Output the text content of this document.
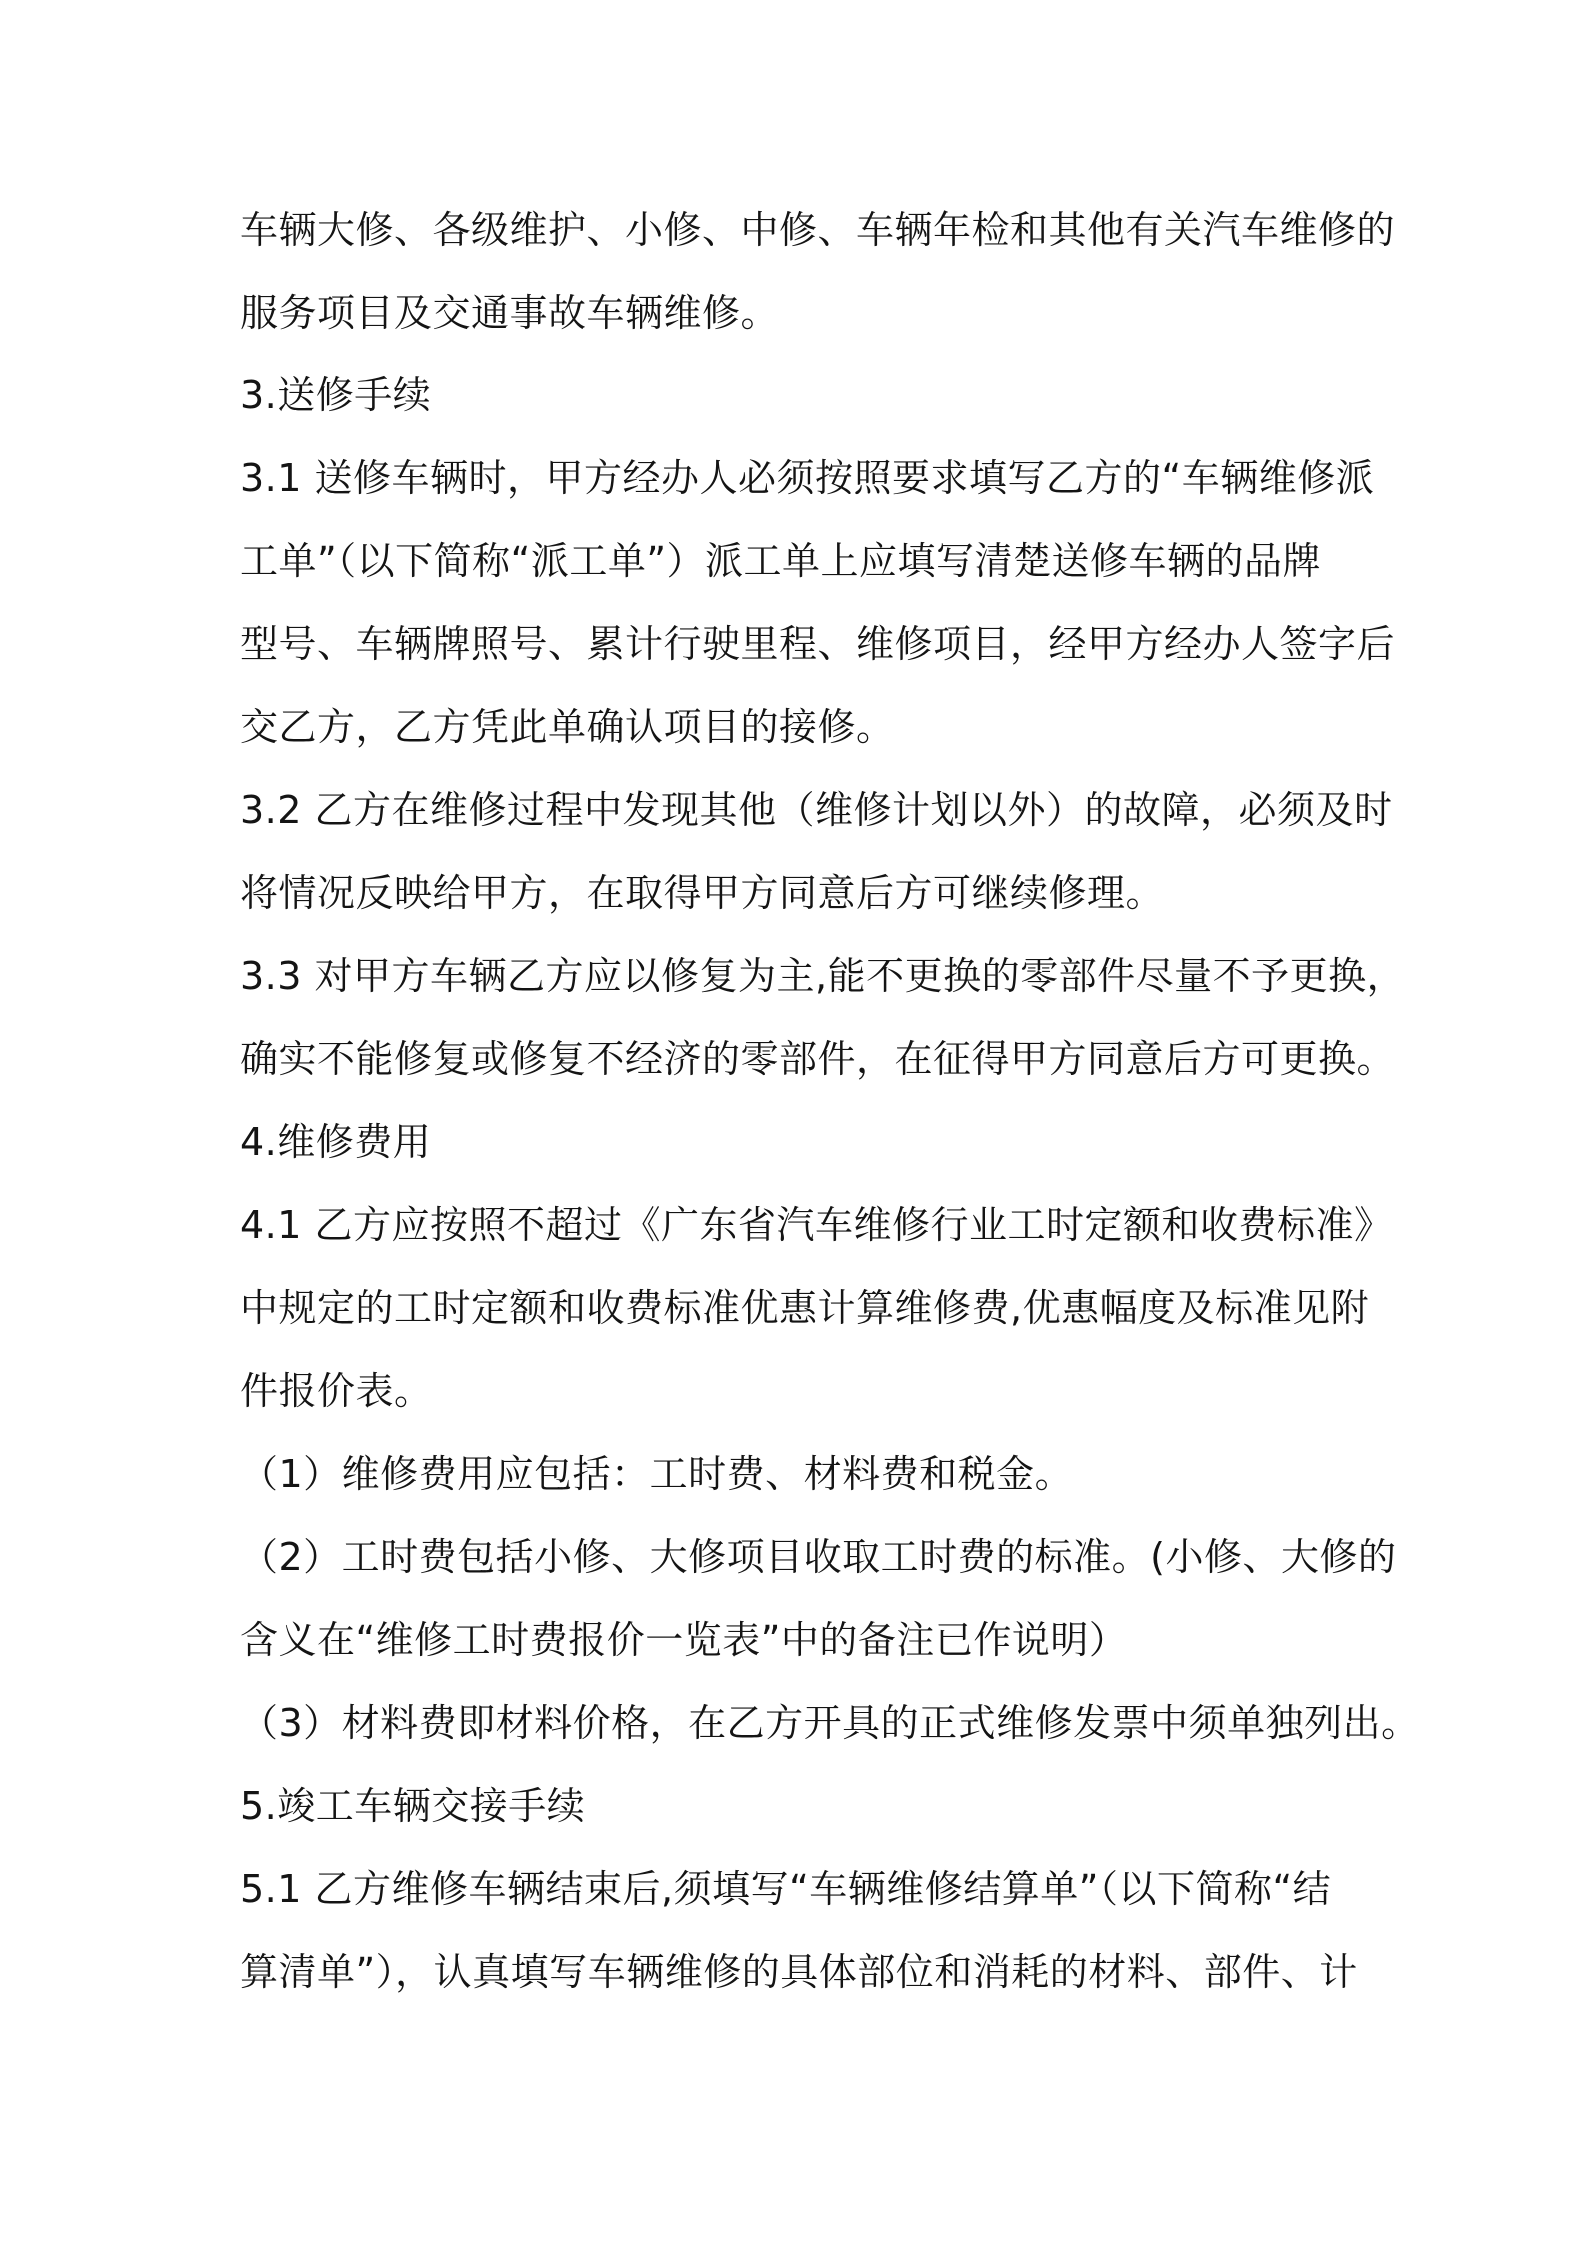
车辆大修、各级维护、小修、中修、车辆年检和其他有关汽车维修的
服务项目及交通事故车辆维修。
3.送修手续
3.1 送修车辆时，甲方经办人必须按照要求填写乙方的“车辆维修派
工单”（以下简称“派工单”）派工单上应填写清楚送修车辆的品牌
型号、车辆牌照号、累计行驶里程、维修项目，经甲方经办人签字后
交乙方，乙方凭此单确认项目的接修。
3.2 乙方在维修过程中发现其他（维修计划以外）的故障，必须及时
将情况反映给甲方，在取得甲方同意后方可继续修理。
3.3 对甲方车辆乙方应以修复为主,能不更换的零部件尽量不予更换，
确实不能修复或修复不经济的零部件，在征得甲方同意后方可更换。
4.维修费用
4.1 乙方应按照不超过《广东省汽车维修行业工时定额和收费标准》
中规定的工时定额和收费标准优惠计算维修费,优惠幅度及标准见附
件报价表。
（1）维修费用应包括：工时费、材料费和税金。
（2）工时费包括小修、大修项目收取工时费的标准。(小修、大修的
含义在“维修工时费报价一览表”中的备注已作说明）
（3）材料费即材料价格，在乙方开具的正式维修发票中须单独列出。
5.竣工车辆交接手续
5.1 乙方维修车辆结束后,须填写“车辆维修结算单”（以下简称“结
算清单”），认真填写车辆维修的具体部位和消耗的材料、部件、计
